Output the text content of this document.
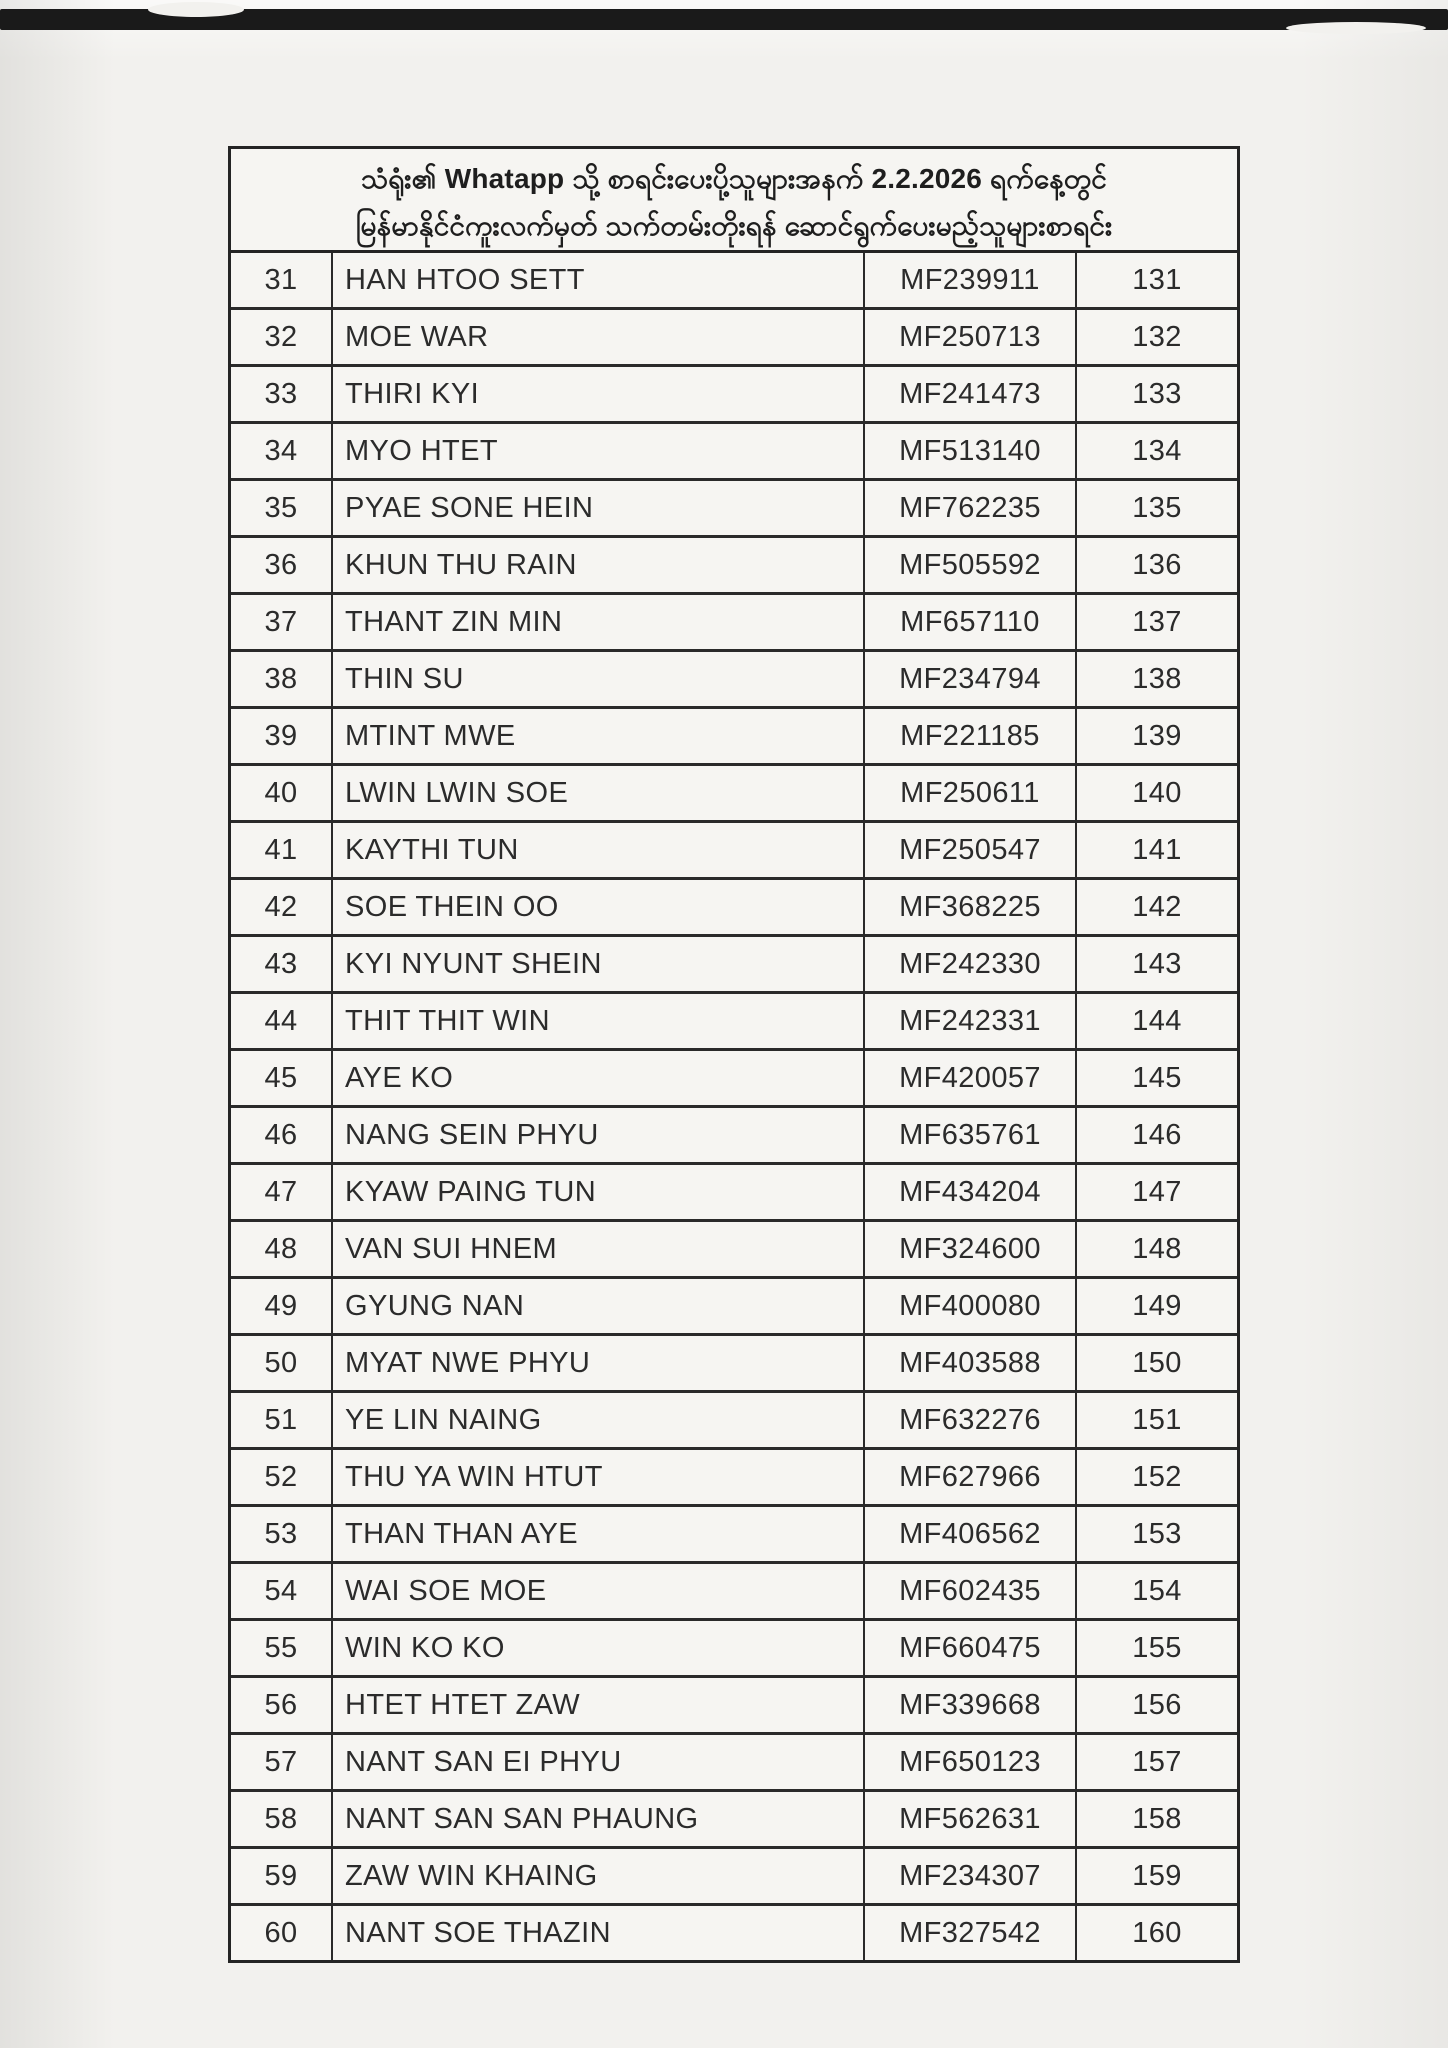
သံရုံး၏ Whatapp သို့ စာရင်းပေးပို့သူများအနက် 2.2.2026 ရက်နေ့တွင်
မြန်မာနိုင်ငံကူးလက်မှတ် သက်တမ်းတိုးရန် ဆောင်ရွက်ပေးမည့်သူများစာရင်း
31	HAN HTOO SETT	MF239911	131
32	MOE WAR	MF250713	132
33	THIRI KYI	MF241473	133
34	MYO HTET	MF513140	134
35	PYAE SONE HEIN	MF762235	135
36	KHUN THU RAIN	MF505592	136
37	THANT ZIN MIN	MF657110	137
38	THIN SU	MF234794	138
39	MTINT MWE	MF221185	139
40	LWIN LWIN SOE	MF250611	140
41	KAYTHI TUN	MF250547	141
42	SOE THEIN OO	MF368225	142
43	KYI NYUNT SHEIN	MF242330	143
44	THIT THIT WIN	MF242331	144
45	AYE KO	MF420057	145
46	NANG SEIN PHYU	MF635761	146
47	KYAW PAING TUN	MF434204	147
48	VAN SUI HNEM	MF324600	148
49	GYUNG NAN	MF400080	149
50	MYAT NWE PHYU	MF403588	150
51	YE LIN NAING	MF632276	151
52	THU YA WIN HTUT	MF627966	152
53	THAN THAN AYE	MF406562	153
54	WAI SOE MOE	MF602435	154
55	WIN KO KO	MF660475	155
56	HTET HTET ZAW	MF339668	156
57	NANT SAN EI PHYU	MF650123	157
58	NANT SAN SAN PHAUNG	MF562631	158
59	ZAW WIN KHAING	MF234307	159
60	NANT SOE THAZIN	MF327542	160
